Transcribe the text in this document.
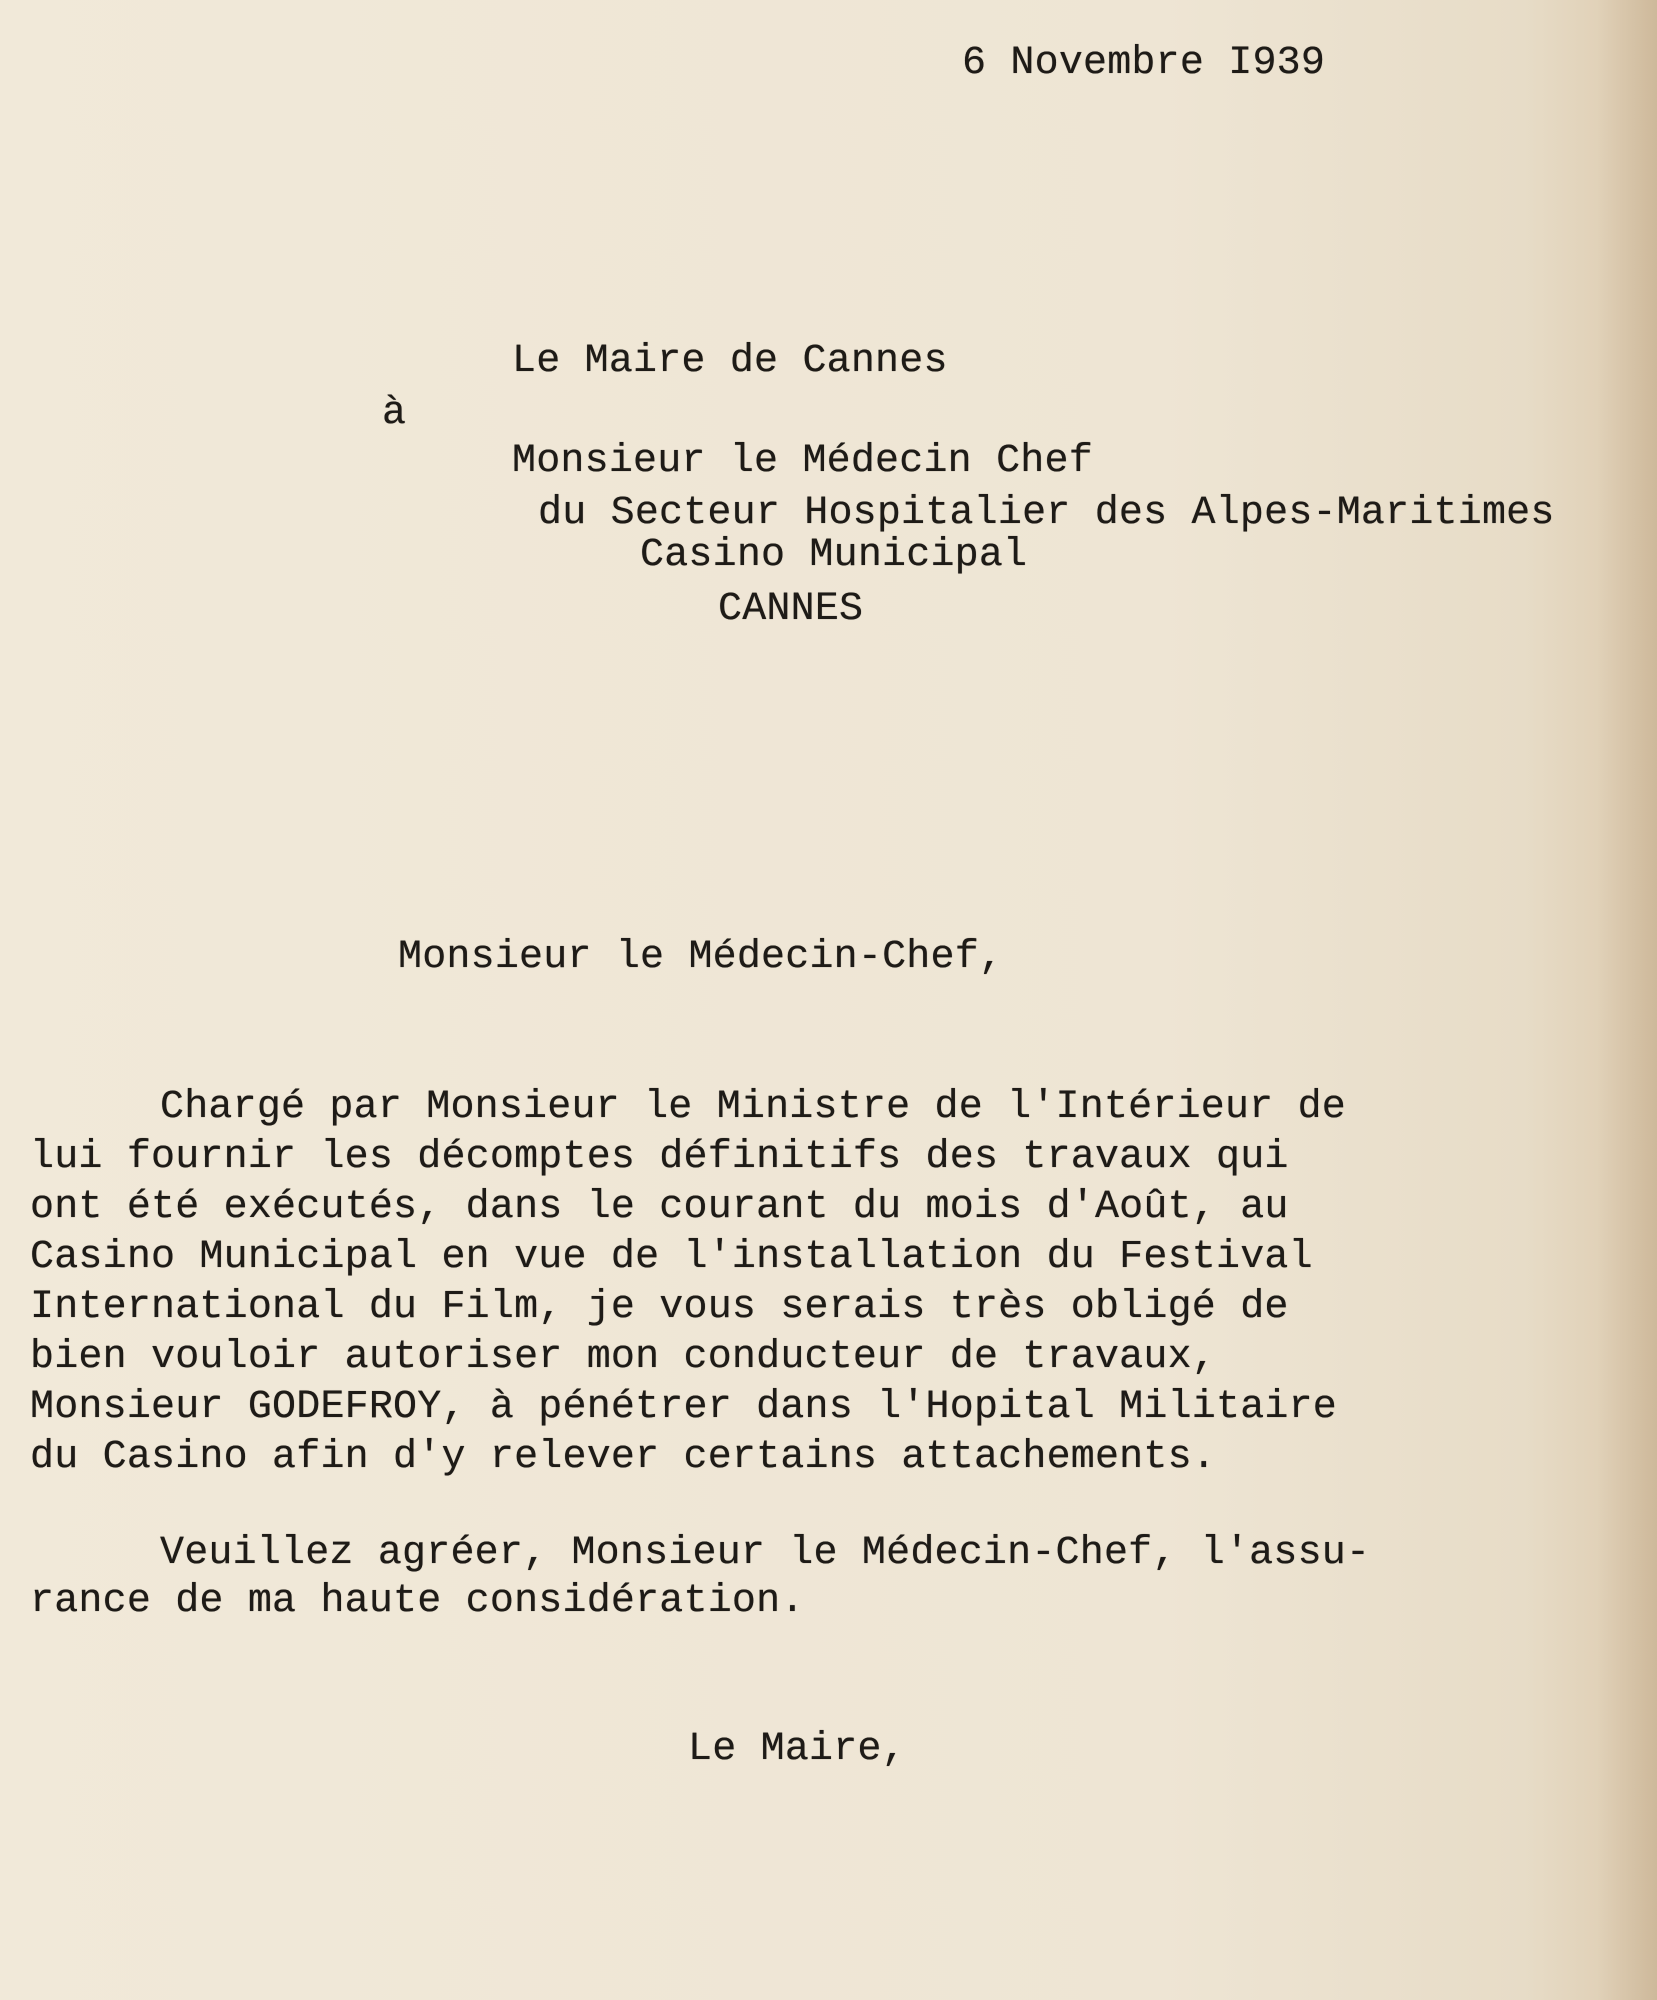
6 Novembre I939
Le Maire de Cannes
à
Monsieur le Médecin Chef
du Secteur Hospitalier des Alpes-Maritimes
Casino Municipal
CANNES
Monsieur le Médecin-Chef,
Chargé par Monsieur le Ministre de l'Intérieur de
lui fournir les décomptes définitifs des travaux qui
ont été exécutés, dans le courant du mois d'Août, au
Casino Municipal en vue de l'installation du Festival
International du Film, je vous serais très obligé de
bien vouloir autoriser mon conducteur de travaux,
Monsieur GODEFROY, à pénétrer dans l'Hopital Militaire
du Casino afin d'y relever certains attachements.
Veuillez agréer, Monsieur le Médecin-Chef, l'assu-
rance de ma haute considération.
Le Maire,
